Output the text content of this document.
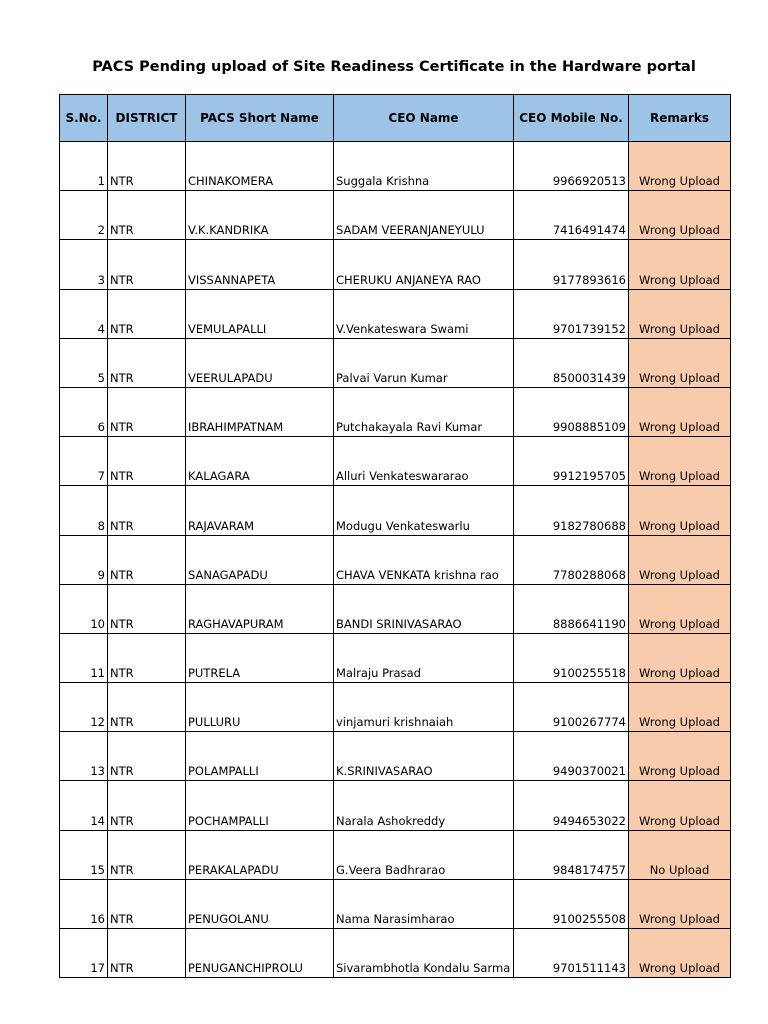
PACS Pending upload of Site Readiness Certificate in the Hardware portal
S.No.	DISTRICT	PACS Short Name	CEO Name	CEO Mobile No.	Remarks
1	NTR	CHINAKOMERA	Suggala Krishna	9966920513	Wrong Upload
2	NTR	V.K.KANDRIKA	SADAM VEERANJANEYULU	7416491474	Wrong Upload
3	NTR	VISSANNAPETA	CHERUKU ANJANEYA RAO	9177893616	Wrong Upload
4	NTR	VEMULAPALLI	V.Venkateswara Swami	9701739152	Wrong Upload
5	NTR	VEERULAPADU	Palvai Varun Kumar	8500031439	Wrong Upload
6	NTR	IBRAHIMPATNAM	Putchakayala Ravi Kumar	9908885109	Wrong Upload
7	NTR	KALAGARA	Alluri Venkateswararao	9912195705	Wrong Upload
8	NTR	RAJAVARAM	Modugu Venkateswarlu	9182780688	Wrong Upload
9	NTR	SANAGAPADU	CHAVA VENKATA krishna rao	7780288068	Wrong Upload
10	NTR	RAGHAVAPURAM	BANDI SRINIVASARAO	8886641190	Wrong Upload
11	NTR	PUTRELA	Malraju Prasad	9100255518	Wrong Upload
12	NTR	PULLURU	vinjamuri krishnaiah	9100267774	Wrong Upload
13	NTR	POLAMPALLI	K.SRINIVASARAO	9490370021	Wrong Upload
14	NTR	POCHAMPALLI	Narala Ashokreddy	9494653022	Wrong Upload
15	NTR	PERAKALAPADU	G.Veera Badhrarao	9848174757	No Upload
16	NTR	PENUGOLANU	Nama Narasimharao	9100255508	Wrong Upload
17	NTR	PENUGANCHIPROLU	Sivarambhotla Kondalu Sarma	9701511143	Wrong Upload
